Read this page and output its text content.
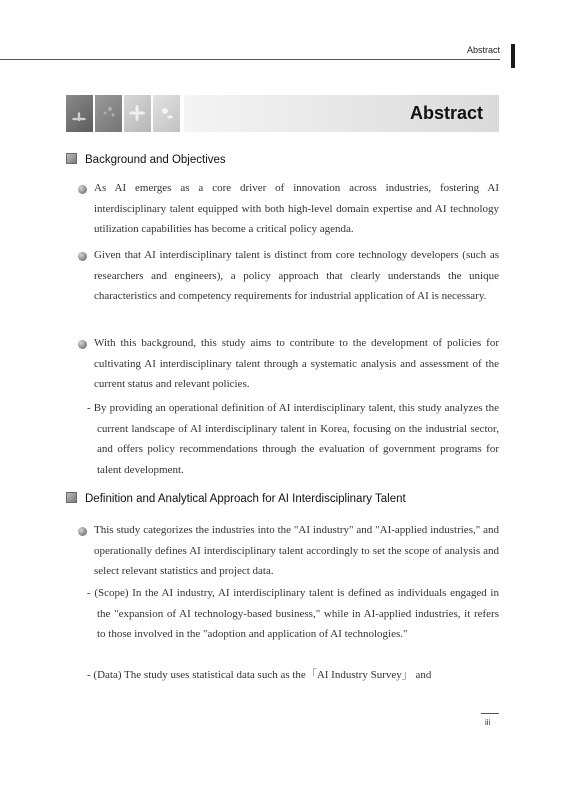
Abstract
Abstract
Background and Objectives
As AI emerges as a core driver of innovation across industries, fostering AI interdisciplinary talent equipped with both high-level domain expertise and AI technology utilization capabilities has become a critical policy agenda.
Given that AI interdisciplinary talent is distinct from core technology developers (such as researchers and engineers), a policy approach that clearly understands the unique characteristics and competency requirements for industrial application of AI is necessary.
With this background, this study aims to contribute to the development of policies for cultivating AI interdisciplinary talent through a systematic analysis and assessment of the current status and relevant policies.
- By providing an operational definition of AI interdisciplinary talent, this study analyzes the current landscape of AI interdisciplinary talent in Korea, focusing on the industrial sector, and offers policy recommendations through the evaluation of government programs for talent development.
Definition and Analytical Approach for AI Interdisciplinary Talent
This study categorizes the industries into the "AI industry" and "AI-applied industries," and operationally defines AI interdisciplinary talent accordingly to set the scope of analysis and select relevant statistics and project data.
- (Scope) In the AI industry, AI interdisciplinary talent is defined as individuals engaged in the "expansion of AI technology-based business," while in AI-applied industries, it refers to those involved in the "adoption and application of AI technologies."
- (Data) The study uses statistical data such as the「AI Industry Survey」 and
iii
